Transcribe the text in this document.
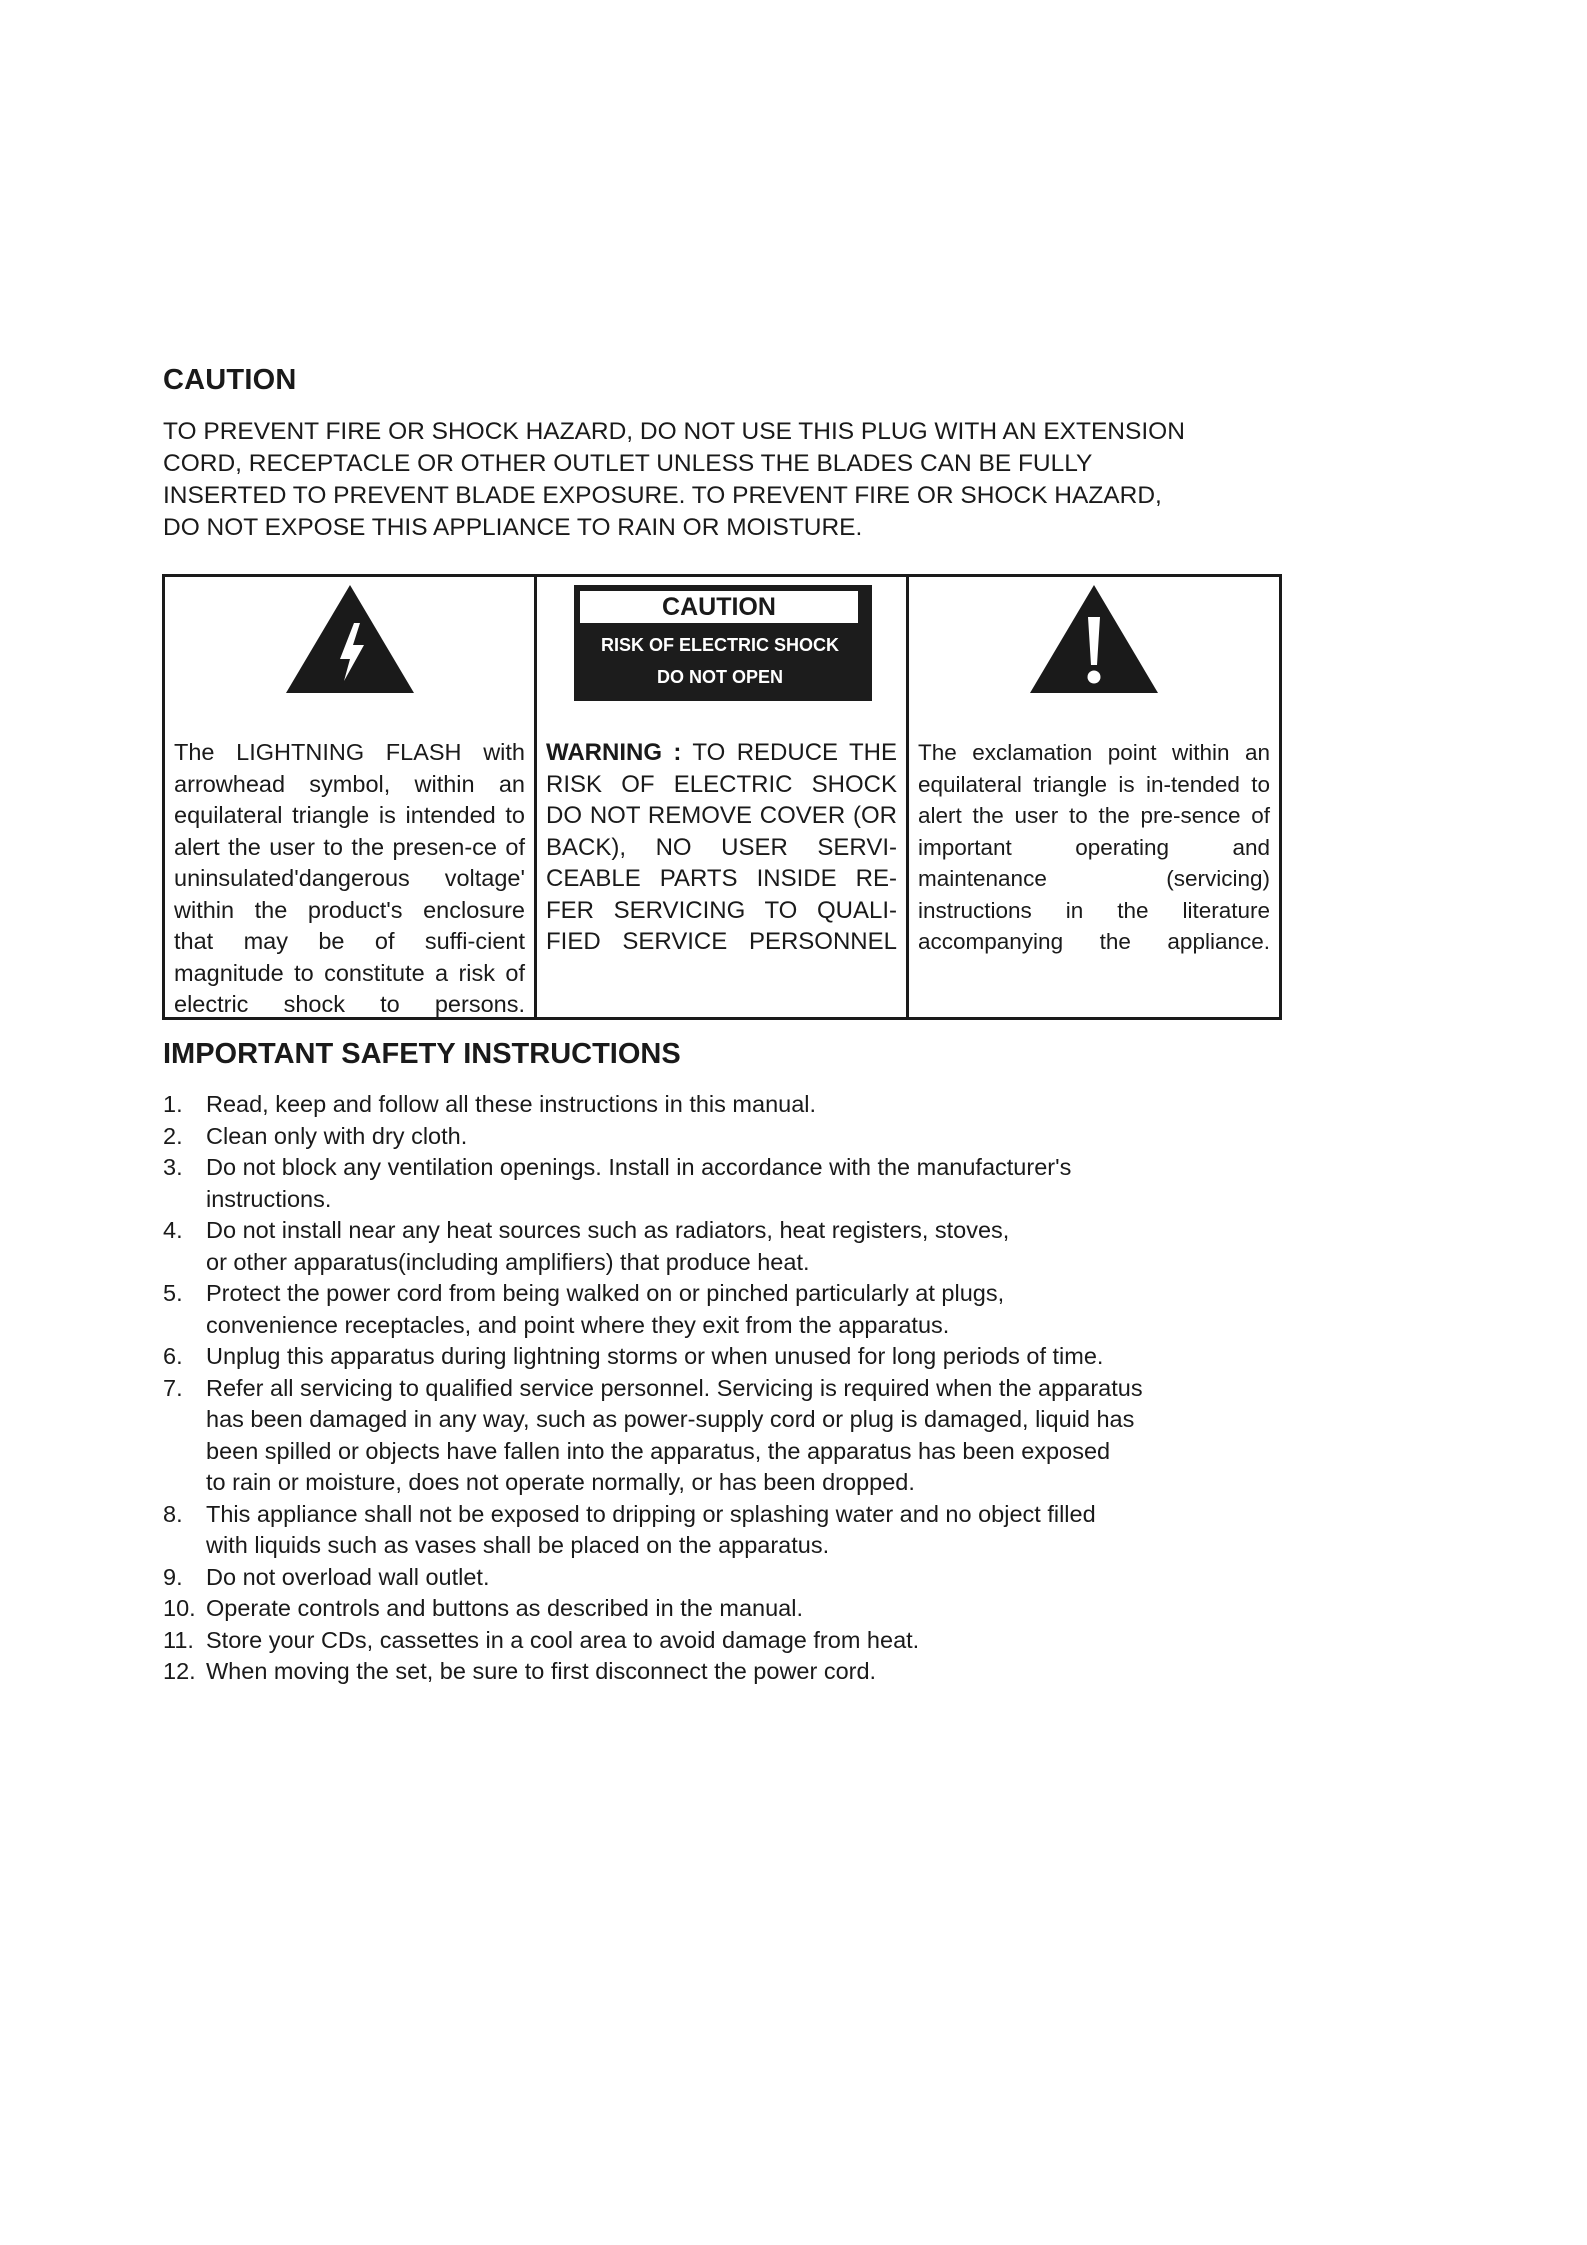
CAUTION
TO PREVENT FIRE OR SHOCK HAZARD, DO NOT USE THIS PLUG WITH AN EXTENSION
CORD, RECEPTACLE OR OTHER OUTLET UNLESS THE BLADES CAN BE FULLY
INSERTED TO PREVENT BLADE EXPOSURE. TO PREVENT FIRE OR SHOCK HAZARD,
DO NOT EXPOSE THIS APPLIANCE TO RAIN OR MOISTURE.
The LIGHTNING FLASH with arrowhead symbol, within an equilateral triangle is intended to alert the user to the presen-ce of uninsulated'dangerous voltage' within the product's enclosure that may be of suffi-cient magnitude to constitute a risk of electric shock to persons.
CAUTION
RISK OF ELECTRIC SHOCK
DO NOT OPEN
WARNING : TO REDUCE THE RISK OF ELECTRIC SHOCK DO NOT REMOVE COVER (OR BACK), NO USER SERVI-CEABLE PARTS INSIDE RE-FER SERVICING TO QUALI-FIED SERVICE PERSONNEL
The exclamation point within an equilateral triangle is in-tended to alert the user to the pre-sence of important operating and maintenance (servicing) instructions in the literature accompanying the appliance.
IMPORTANT SAFETY INSTRUCTIONS
1. Read, keep and follow all these instructions in this manual.
2. Clean only with dry cloth.
3. Do not block any ventilation openings. Install in accordance with the manufacturer's
instructions.
4. Do not install near any heat sources such as radiators, heat registers, stoves,
or other apparatus(including amplifiers) that produce heat.
5. Protect the power cord from being walked on or pinched particularly at plugs,
convenience receptacles, and point where they exit from the apparatus.
6. Unplug this apparatus during lightning storms or when unused for long periods of time.
7. Refer all servicing to qualified service personnel. Servicing is required when the apparatus
has been damaged in any way, such as power-supply cord or plug is damaged, liquid has
been spilled or objects have fallen into the apparatus, the apparatus has been exposed
to rain or moisture, does not operate normally, or has been dropped.
8. This appliance shall not be exposed to dripping or splashing water and no object filled
with liquids such as vases shall be placed on the apparatus.
9. Do not overload wall outlet.
10. Operate controls and buttons as described in the manual.
11. Store your CDs, cassettes in a cool area to avoid damage from heat.
12. When moving the set, be sure to first disconnect the power cord.
